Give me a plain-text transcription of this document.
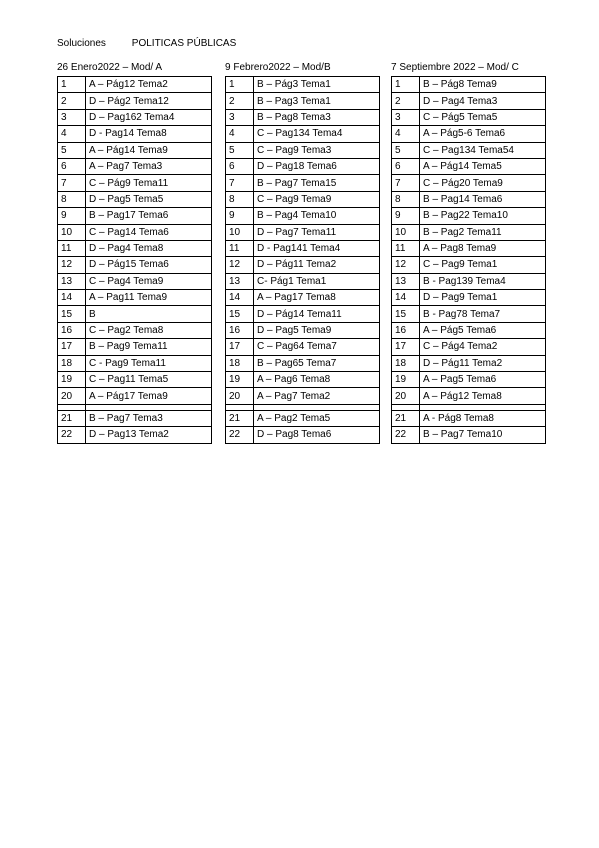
Soluciones	POLITICAS PÚBLICAS
26 Enero2022 – Mod/ A
1	A – Pág12 Tema2
2	D – Pág2 Tema12
3	D – Pag162 Tema4
4	D - Pag14 Tema8
5	A – Pág14 Tema9
6	A – Pag7 Tema3
7	C – Pág9 Tema11
8	D – Pag5 Tema5
9	B – Pag17 Tema6
10	C – Pag14 Tema6
11	D – Pag4 Tema8
12	D – Pág15 Tema6
13	C – Pag4 Tema9
14	A – Pag11 Tema9
15	B
16	C – Pag2 Tema8
17	B – Pag9 Tema11
18	C - Pag9 Tema11
19	C – Pag11 Tema5
20	A – Pág17 Tema9

21	B – Pag7 Tema3
22	D – Pag13 Tema2
9 Febrero2022 – Mod/B
1	B – Pág3 Tema1
2	B – Pag3 Tema1
3	B – Pag8 Tema3
4	C – Pag134 Tema4
5	C – Pag9 Tema3
6	D – Pag18 Tema6
7	B – Pag7 Tema15
8	C – Pag9 Tema9
9	B – Pag4 Tema10
10	D – Pag7 Tema11
11	D - Pag141 Tema4
12	D – Pág11 Tema2
13	C- Pág1 Tema1
14	A – Pag17 Tema8
15	D – Pág14 Tema11
16	D – Pag5 Tema9
17	C – Pag64 Tema7
18	B – Pag65 Tema7
19	A – Pag6 Tema8
20	A – Pag7 Tema2

21	A – Pag2 Tema5
22	D – Pag8 Tema6
7 Septiembre 2022 – Mod/ C
1	B – Pág8 Tema9
2	D – Pag4 Tema3
3	C – Pág5 Tema5
4	A – Pág5-6 Tema6
5	C – Pag134 Tema54
6	A – Pág14 Tema5
7	C – Pág20 Tema9
8	B – Pag14 Tema6
9	B – Pag22 Tema10
10	B – Pag2 Tema11
11	A – Pag8 Tema9
12	C – Pag9 Tema1
13	B - Pag139 Tema4
14	D – Pag9 Tema1
15	B - Pag78 Tema7
16	A – Pág5 Tema6
17	C – Pág4 Tema2
18	D – Pág11 Tema2
19	A – Pag5 Tema6
20	A – Pág12 Tema8

21	A - Pág8 Tema8
22	B – Pag7 Tema10
